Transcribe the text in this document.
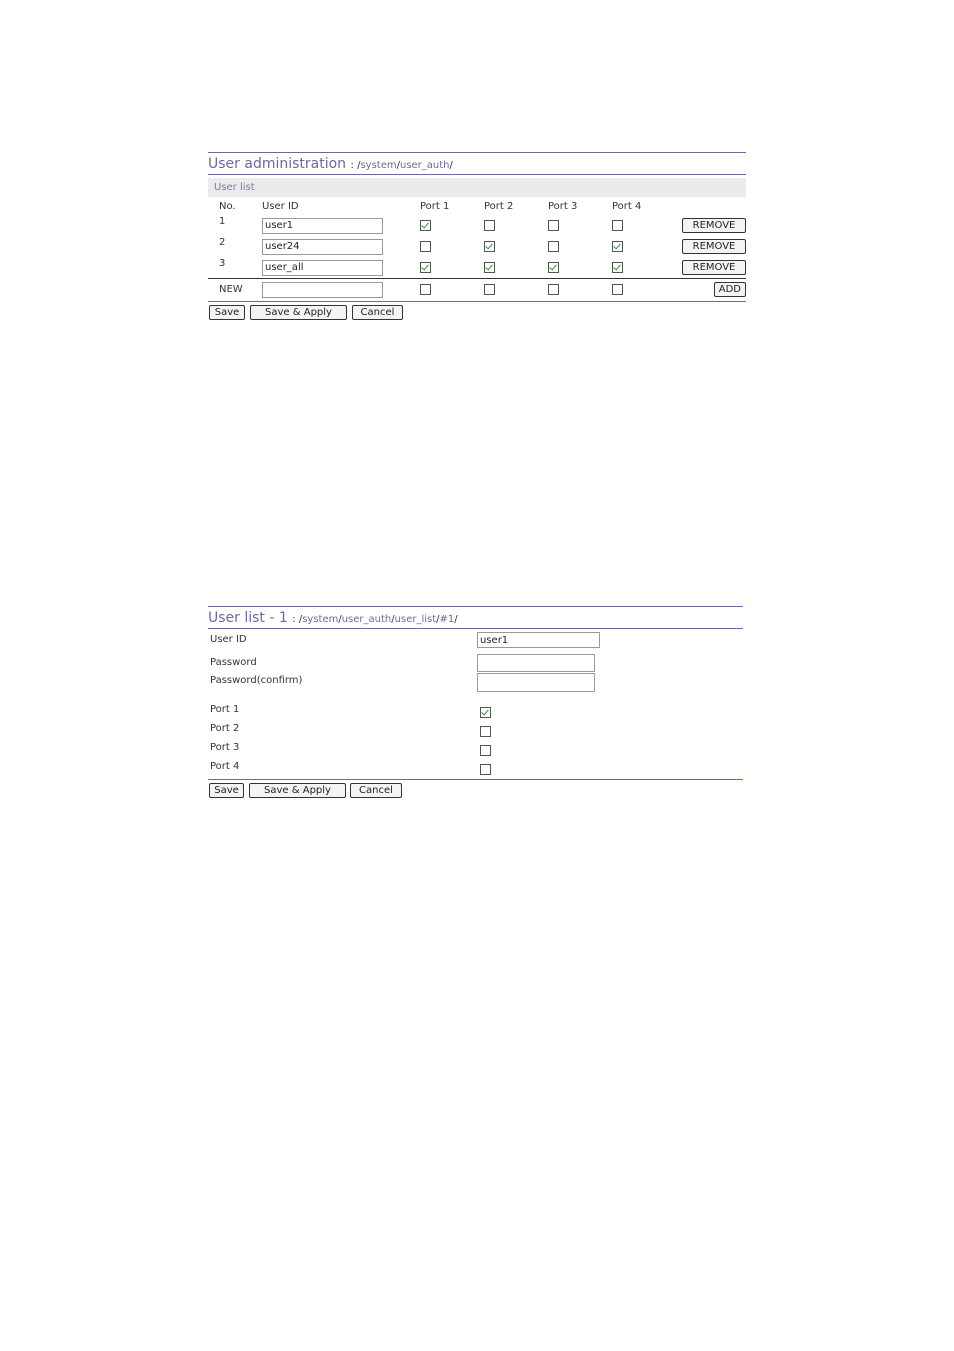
User administration : /system/user_auth/
User list
No.	User ID	Port 1	Port 2	Port 3	Port 4	
1	user1					REMOVE
2	user24					REMOVE
3	user_all					REMOVE
NEW						ADD
Save	Save & Apply	Cancel
User list - 1 : /system/user_auth/user_list/#1/
User ID
user1
Password
Password(confirm)
Port 1
Port 2
Port 3
Port 4
Save	Save & Apply	Cancel
